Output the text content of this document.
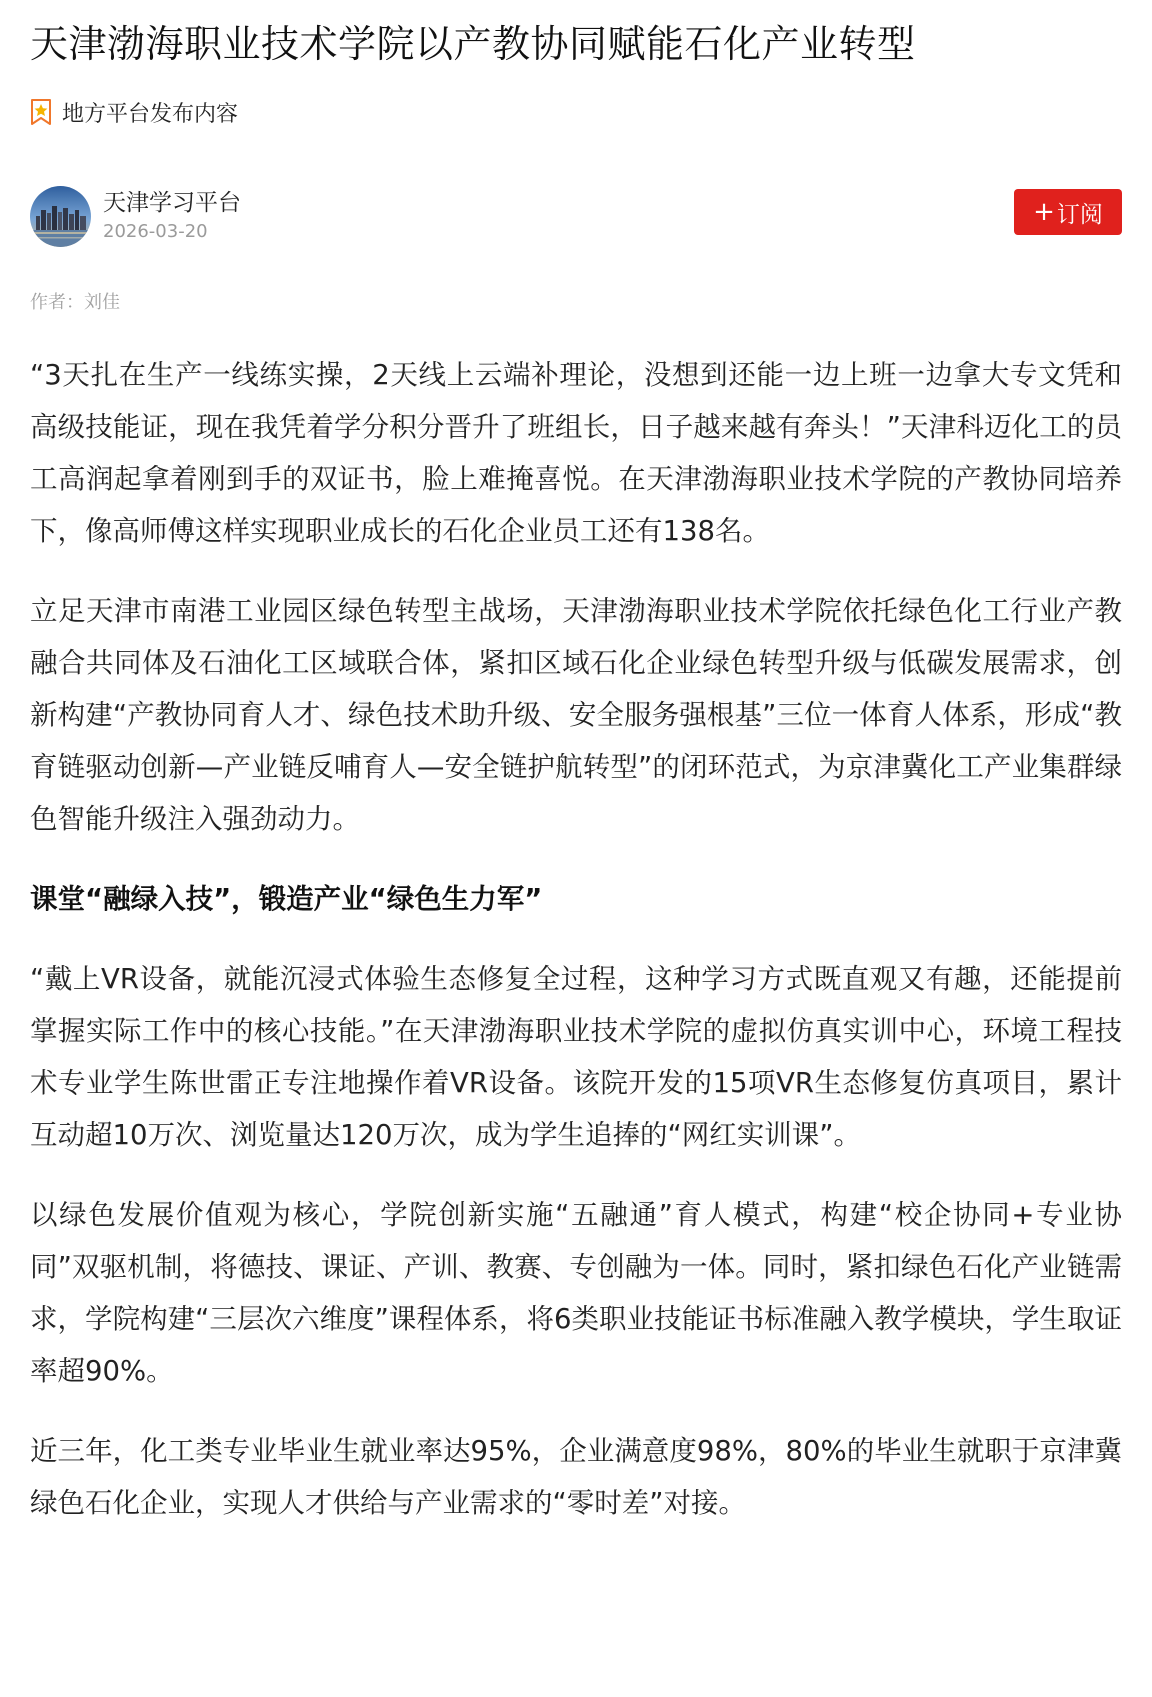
天津渤海职业技术学院以产教协同赋能石化产业转型
地方平台发布内容
天津学习平台
2026-03-20
+ 订阅
作者：刘佳

“3天扎在生产一线练实操，2天线上云端补理论，没想到还能一边上班一边拿大专文凭和高级技能证，现在我凭着学分积分晋升了班组长，日子越来越有奔头！”天津科迈化工的员工高润起拿着刚到手的双证书，脸上难掩喜悦。在天津渤海职业技术学院的产教协同培养下，像高师傅这样实现职业成长的石化企业员工还有138名。

立足天津市南港工业园区绿色转型主战场，天津渤海职业技术学院依托绿色化工行业产教融合共同体及石油化工区域联合体，紧扣区域石化企业绿色转型升级与低碳发展需求，创新构建“产教协同育人才、绿色技术助升级、安全服务强根基”三位一体育人体系，形成“教育链驱动创新—产业链反哺育人—安全链护航转型”的闭环范式，为京津冀化工产业集群绿色智能升级注入强劲动力。

课堂“融绿入技”，锻造产业“绿色生力军”

“戴上VR设备，就能沉浸式体验生态修复全过程，这种学习方式既直观又有趣，还能提前掌握实际工作中的核心技能。”在天津渤海职业技术学院的虚拟仿真实训中心，环境工程技术专业学生陈世雷正专注地操作着VR设备。该院开发的15项VR生态修复仿真项目，累计互动超10万次、浏览量达120万次，成为学生追捧的“网红实训课”。

以绿色发展价值观为核心，学院创新实施“五融通”育人模式，构建“校企协同+专业协同”双驱机制，将德技、课证、产训、教赛、专创融为一体。同时，紧扣绿色石化产业链需求，学院构建“三层次六维度”课程体系，将6类职业技能证书标准融入教学模块，学生取证率超90%。

近三年，化工类专业毕业生就业率达95%，企业满意度98%，80%的毕业生就职于京津冀绿色石化企业，实现人才供给与产业需求的“零时差”对接。
